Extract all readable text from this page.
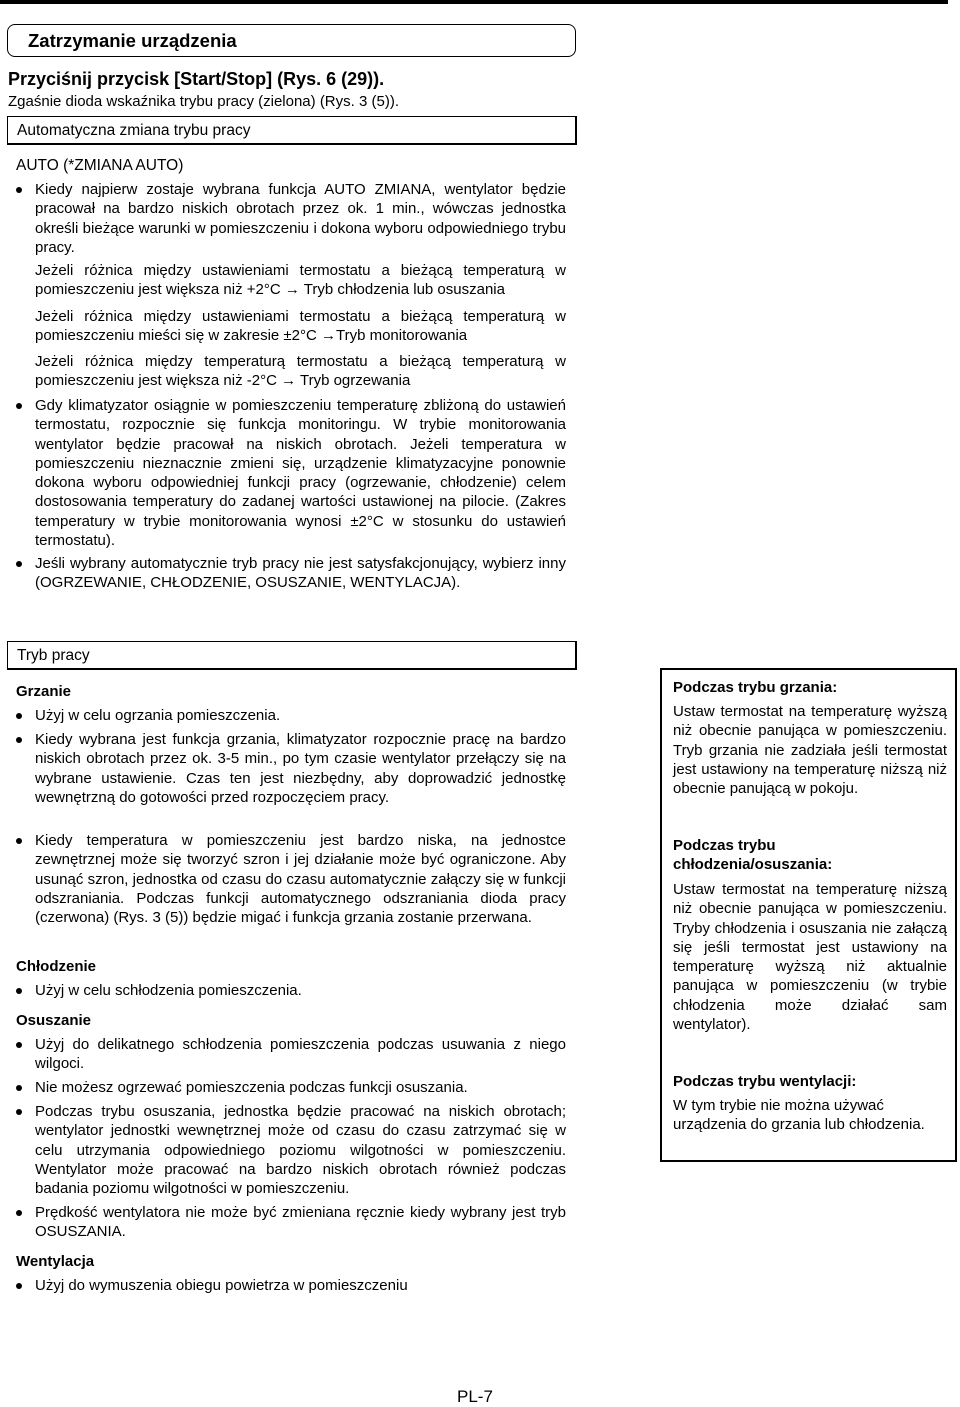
Zatrzymanie urządzenia
Przyciśnij przycisk [Start/Stop] (Rys. 6 (29)).
Zgaśnie dioda wskaźnika trybu pracy (zielona) (Rys. 3 (5)).
Automatyczna zmiana trybu pracy
AUTO (*ZMIANA AUTO)
Kiedy najpierw zostaje wybrana funkcja AUTO ZMIANA, wentylator będzie pracował na bardzo niskich obrotach przez ok. 1 min., wówczas jednostka określi bieżące warunki w pomieszczeniu i dokona wyboru odpowiedniego trybu pracy.
Jeżeli różnica między ustawieniami termostatu a bieżącą temperaturą w pomieszczeniu jest większa niż +2°C → Tryb chłodzenia lub osuszania
Jeżeli różnica między ustawieniami termostatu a bieżącą temperaturą w pomieszczeniu mieści się w zakresie ±2°C →Tryb monitorowania
Jeżeli różnica między temperaturą termostatu a bieżącą temperaturą w pomieszczeniu jest większa niż -2°C → Tryb ogrzewania
Gdy klimatyzator osiągnie w pomieszczeniu temperaturę zbliżoną do ustawień termostatu, rozpocznie się funkcja monitoringu. W trybie monitorowania wentylator będzie pracował na niskich obrotach. Jeżeli temperatura w pomieszczeniu nieznacznie zmieni się, urządzenie klimatyzacyjne ponownie dokona wyboru odpowiedniej funkcji pracy (ogrzewanie, chłodzenie) celem dostosowania temperatury do zadanej wartości ustawionej na pilocie. (Zakres temperatury w trybie monitorowania wynosi ±2°C w stosunku do ustawień termostatu).
Jeśli wybrany automatycznie tryb pracy nie jest satysfakcjonujący, wybierz inny (OGRZEWANIE, CHŁODZENIE, OSUSZANIE, WENTYLACJA).
Tryb pracy
Grzanie
Użyj w celu ogrzania pomieszczenia.
Kiedy wybrana jest funkcja grzania, klimatyzator rozpocznie pracę na bardzo niskich obrotach przez ok. 3-5 min., po tym czasie wentylator przełączy się na wybrane ustawienie. Czas ten jest niezbędny, aby doprowadzić jednostkę wewnętrzną do gotowości przed rozpoczęciem pracy.
Kiedy temperatura w pomieszczeniu jest bardzo niska, na jednostce zewnętrznej może się tworzyć szron i jej działanie może być ograniczone. Aby usunąć szron, jednostka od czasu do czasu automatycznie załączy się w funkcji odszraniania. Podczas funkcji automatycznego odszraniania dioda pracy (czerwona) (Rys. 3 (5)) będzie migać i funkcja grzania zostanie przerwana.
Chłodzenie
Użyj w celu schłodzenia pomieszczenia.
Osuszanie
Użyj do delikatnego schłodzenia pomieszczenia podczas usuwania z niego wilgoci.
Nie możesz ogrzewać pomieszczenia podczas funkcji osuszania.
Podczas trybu osuszania, jednostka będzie pracować na niskich obrotach; wentylator jednostki wewnętrznej może od czasu do czasu zatrzymać się w celu utrzymania odpowiedniego poziomu wilgotności w pomieszczeniu. Wentylator może pracować na bardzo niskich obrotach również podczas badania poziomu wilgotności w pomieszczeniu.
Prędkość wentylatora nie może być zmieniana ręcznie kiedy wybrany jest tryb OSUSZANIA.
Wentylacja
Użyj do wymuszenia obiegu powietrza w pomieszczeniu
Podczas trybu grzania:
Ustaw termostat na temperaturę wyższą niż obecnie panująca w pomieszczeniu. Tryb grzania nie zadziała jeśli termostat jest ustawiony na temperaturę niższą niż obecnie panującą w pokoju.
Podczas trybu
chłodzenia/osuszania:
Ustaw termostat na temperaturę niższą niż obecnie panująca w pomieszczeniu. Tryby chłodzenia i osuszania nie załączą się jeśli termostat jest ustawiony na temperaturę wyższą niż aktualnie panująca w pomieszczeniu (w trybie chłodzenia może działać sam wentylator).
Podczas trybu wentylacji:
W tym trybie nie można używać urządzenia do grzania lub chłodzenia.
PL-7
